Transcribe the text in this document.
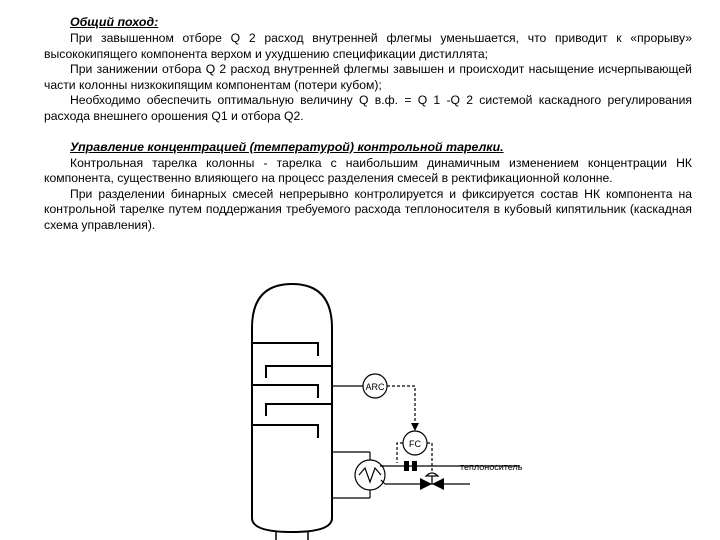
Общий поход:

При завышенном отборе Q 2 расход внутренней флегмы уменьшается, что приводит к «прорыву» высококипящего компонента верхом и ухудшению спецификации дистиллята;

При занижении отбора Q 2 расход внутренней флегмы завышен и происходит насыщение исчерпывающей части колонны низкокипящим компонентам (потери кубом);

Необходимо обеспечить оптимальную величину Q в.ф. = Q 1 -Q 2 системой каскадного регулирования расхода внешнего орошения Q1 и отбора Q2.

Управление концентрацией (температурой) контрольной тарелки.

Контрольная тарелка колонны - тарелка с наибольшим динамичным изменением концентрации НК компонента, существенно влияющего на процесс разделения смесей в ректификационной колонне.

При разделении бинарных смесей непрерывно контролируется и фиксируется состав НК компонента на контрольной тарелке путем поддержания требуемого расхода теплоносителя в кубовый кипятильник (каскадная схема управления).

ARC
FC
теплоноситель
